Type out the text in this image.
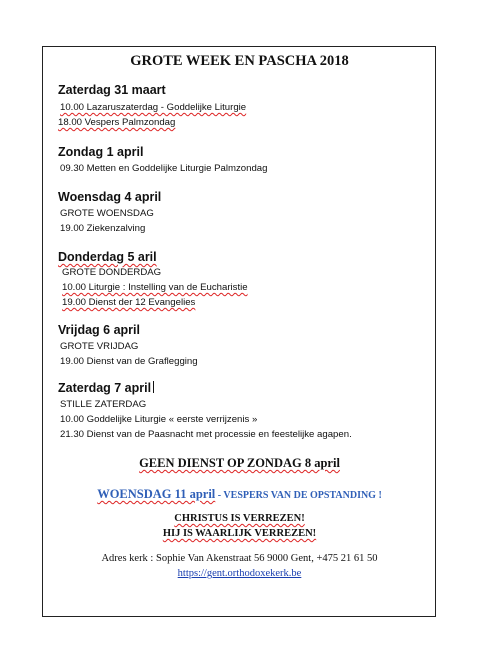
GROTE WEEK EN PASCHA 2018
Zaterdag 31 maart
10.00 Lazaruszaterdag - Goddelijke Liturgie
18.00 Vespers Palmzondag
Zondag 1 april
09.30 Metten en Goddelijke Liturgie Palmzondag
Woensdag 4 april
GROTE WOENSDAG
19.00 Ziekenzalving
Donderdag 5 aril
GROTE DONDERDAG
10.00 Liturgie : Instelling van de Eucharistie
19.00 Dienst der 12 Evangelies
Vrijdag 6 april
GROTE VRIJDAG
19.00 Dienst van de Graflegging
Zaterdag 7 april
STILLE ZATERDAG
10.00 Goddelijke Liturgie « eerste verrijzenis »
21.30 Dienst van de Paasnacht met processie en feestelijke agapen.
GEEN DIENST OP ZONDAG 8 april
WOENSDAG 11 april - VESPERS VAN DE OPSTANDING !
CHRISTUS IS VERREZEN!
HIJ IS WAARLIJK VERREZEN!
Adres kerk : Sophie Van Akenstraat 56 9000 Gent, +475 21 61 50
https://gent.orthodoxekerk.be
